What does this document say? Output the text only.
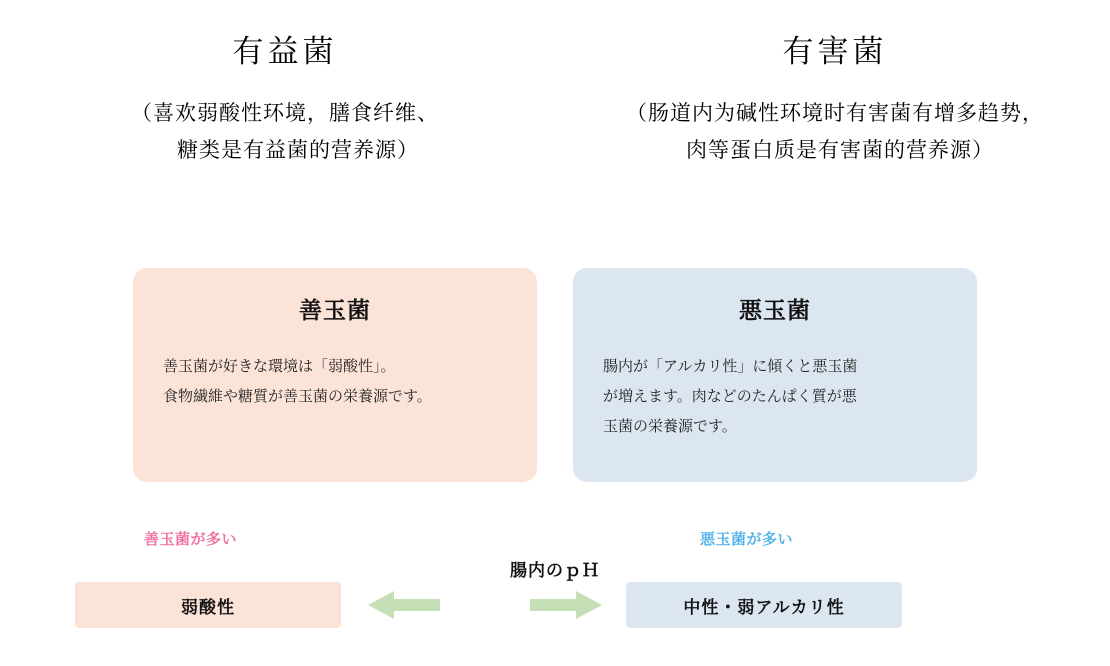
有益菌
（喜欢弱酸性环境，膳食纤维、
糖类是有益菌的营养源）
有害菌
（肠道内为碱性环境时有害菌有增多趋势，
肉等蛋白质是有害菌的营养源）
善玉菌
善玉菌が好きな環境は「弱酸性」。
食物繊維や糖質が善玉菌の栄養源です。
悪玉菌
腸内が「アルカリ性」に傾くと悪玉菌
が増えます。肉などのたんぱく質が悪
玉菌の栄養源です。
善玉菌が多い	悪玉菌が多い
腸内のｐＨ
弱酸性	中性・弱アルカリ性
